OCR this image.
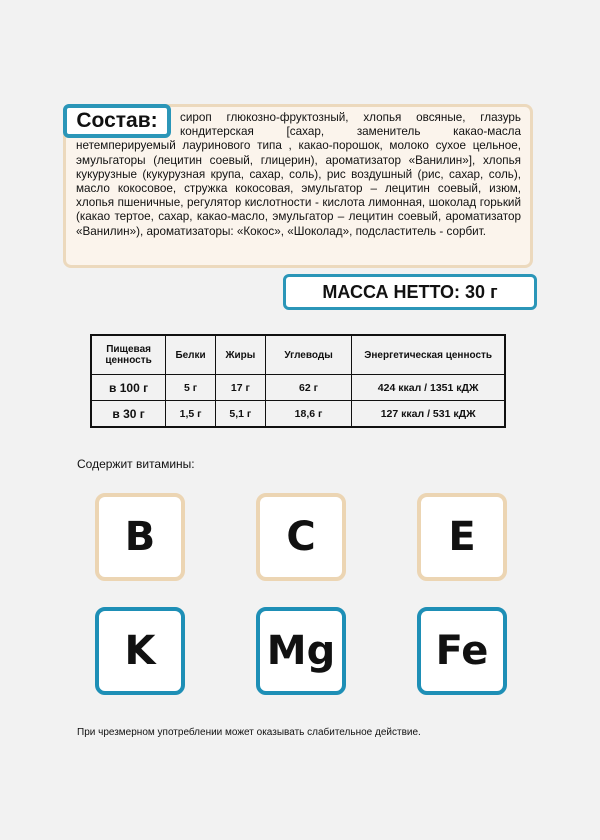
сироп глюкозно-фруктозный, хлопья овсяные, глазурь кондитерская [сахар, заменитель какао-масла нетемперируемый лауринового типа , какао-порошок, молоко сухое цельное, эмульгаторы (лецитин соевый, глицерин), ароматизатор «Ванилин»], хлопья кукурузные (кукурузная крупа, сахар, соль), рис воздушный (рис, сахар, соль), масло кокосовое, стружка кокосовая, эмульгатор – лецитин соевый, изюм, хлопья пшеничные, регулятор кислотности - кислота лимонная, шоколад горький (какао тертое, сахар, какао-масло, эмульгатор – лецитин соевый, ароматизатор «Ванилин»), ароматизаторы: «Кокос», «Шоколад», подсластитель - сорбит.

Состав:
МАССА НЕТТО: 30 г
Пищевая ценность	Белки	Жиры	Углеводы	Энергетическая ценность
в 100 г	5 г	17 г	62 г	424 ккал / 1351 кДЖ
в 30 г	1,5 г	5,1 г	18,6 г	127 ккал / 531 кДЖ
Содержит витамины:
B	C	E
K	Mg	Fe
При чрезмерном употреблении может оказывать слабительное действие.
